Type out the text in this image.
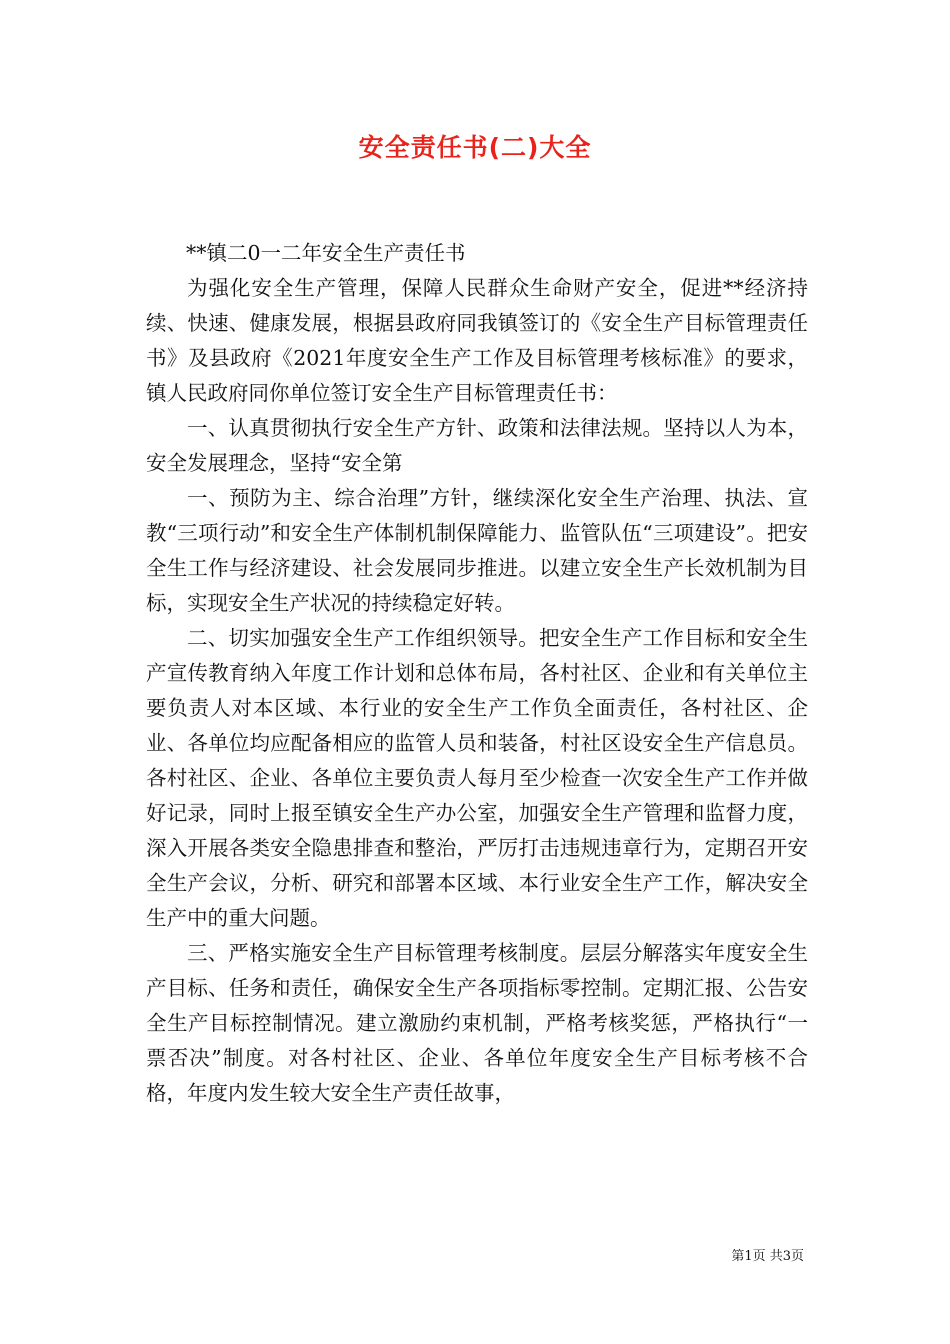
安全责任书(二)大全

**镇二0一二年安全生产责任书

为强化安全生产管理，保障人民群众生命财产安全，促进**经济持续、快速、健康发展，根据县政府同我镇签订的《安全生产目标管理责任书》及县政府《2021年度安全生产工作及目标管理考核标准》的要求，镇人民政府同你单位签订安全生产目标管理责任书：

一、认真贯彻执行安全生产方针、政策和法律法规。坚持以人为本，安全发展理念，坚持“安全第

一、预防为主、综合治理”方针，继续深化安全生产治理、执法、宣教“三项行动”和安全生产体制机制保障能力、监管队伍“三项建设”。把安全生工作与经济建设、社会发展同步推进。以建立安全生产长效机制为目标，实现安全生产状况的持续稳定好转。

二、切实加强安全生产工作组织领导。把安全生产工作目标和安全生产宣传教育纳入年度工作计划和总体布局，各村社区、企业和有关单位主要负责人对本区域、本行业的安全生产工作负全面责任，各村社区、企业、各单位均应配备相应的监管人员和装备，村社区设安全生产信息员。各村社区、企业、各单位主要负责人每月至少检查一次安全生产工作并做好记录，同时上报至镇安全生产办公室，加强安全生产管理和监督力度，深入开展各类安全隐患排查和整治，严厉打击违规违章行为，定期召开安全生产会议，分析、研究和部署本区域、本行业安全生产工作，解决安全生产中的重大问题。

三、严格实施安全生产目标管理考核制度。层层分解落实年度安全生产目标、任务和责任，确保安全生产各项指标零控制。定期汇报、公告安全生产目标控制情况。建立激励约束机制，严格考核奖惩，严格执行“一票否决”制度。对各村社区、企业、各单位年度安全生产目标考核不合格，年度内发生较大安全生产责任故事，

第1页 共3页
